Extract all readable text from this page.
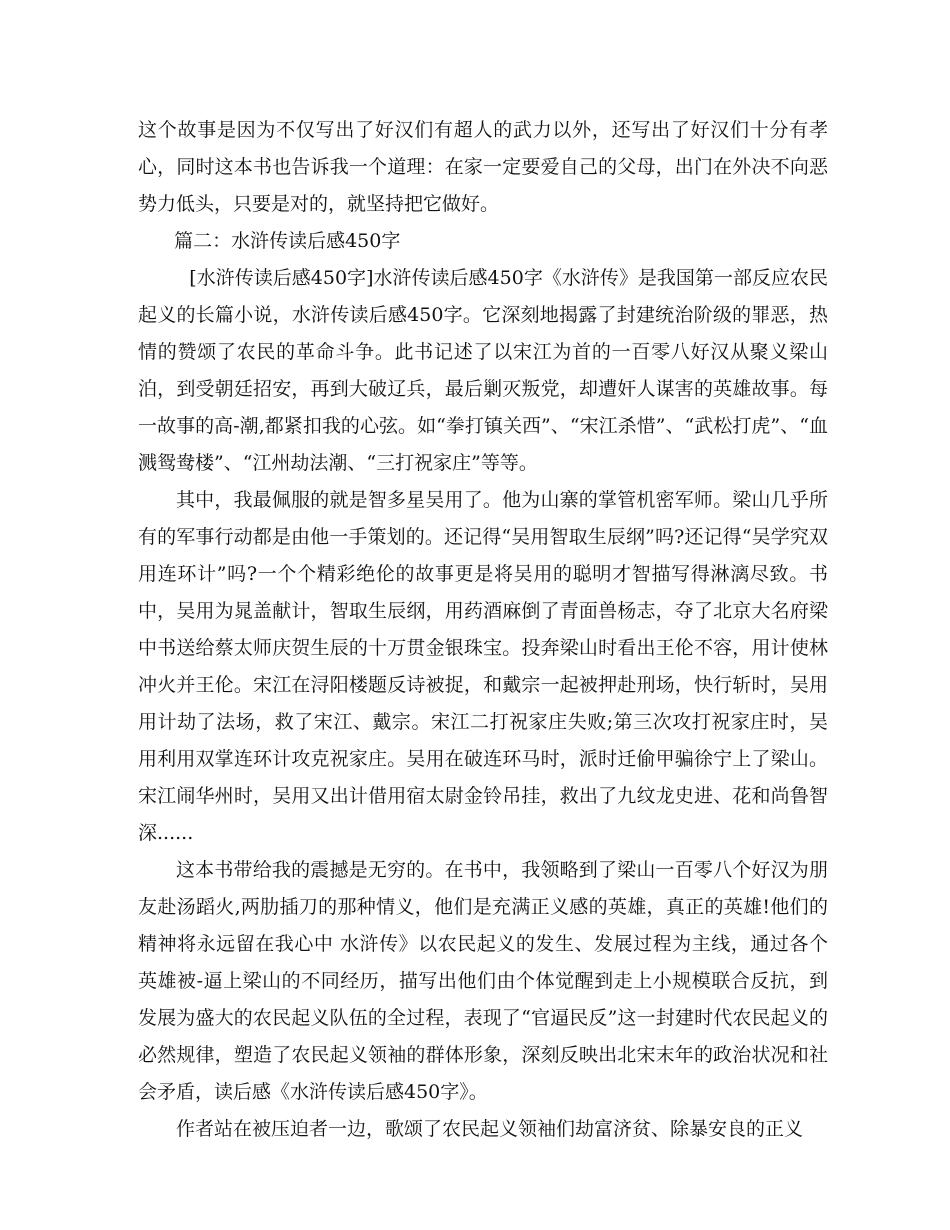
这个故事是因为不仅写出了好汉们有超人的武力以外，还写出了好汉们十分有孝心，同时这本书也告诉我一个道理：在家一定要爱自己的父母，出门在外决不向恶势力低头，只要是对的，就坚持把它做好。

篇二：水浒传读后感450字

[水浒传读后感450字]水浒传读后感450字《水浒传》是我国第一部反应农民起义的长篇小说，水浒传读后感450字。它深刻地揭露了封建统治阶级的罪恶，热情的赞颂了农民的革命斗争。此书记述了以宋江为首的一百零八好汉从聚义梁山泊，到受朝廷招安，再到大破辽兵，最后剿灭叛党，却遭奸人谋害的英雄故事。每一故事的高-潮,都紧扣我的心弦。如“拳打镇关西”、“宋江杀惜”、“武松打虎”、“血溅鸳鸯楼”、“江州劫法潮、“三打祝家庄”等等。

其中，我最佩服的就是智多星吴用了。他为山寨的掌管机密军师。梁山几乎所有的军事行动都是由他一手策划的。还记得“吴用智取生辰纲”吗?还记得“吴学究双用连环计”吗?一个个精彩绝伦的故事更是将吴用的聪明才智描写得淋漓尽致。书中，吴用为晁盖献计，智取生辰纲，用药酒麻倒了青面兽杨志，夺了北京大名府梁中书送给蔡太师庆贺生辰的十万贯金银珠宝。投奔梁山时看出王伦不容，用计使林冲火并王伦。宋江在浔阳楼题反诗被捉，和戴宗一起被押赴刑场，快行斩时，吴用用计劫了法场，救了宋江、戴宗。宋江二打祝家庄失败;第三次攻打祝家庄时，吴用利用双掌连环计攻克祝家庄。吴用在破连环马时，派时迁偷甲骗徐宁上了梁山。宋江闹华州时，吴用又出计借用宿太尉金铃吊挂，救出了九纹龙史进、花和尚鲁智深......

这本书带给我的震撼是无穷的。在书中，我领略到了梁山一百零八个好汉为朋友赴汤蹈火,两肋插刀的那种情义，他们是充满正义感的英雄，真正的英雄!他们的精神将永远留在我心中 水浒传》以农民起义的发生、发展过程为主线，通过各个英雄被-逼上梁山的不同经历，描写出他们由个体觉醒到走上小规模联合反抗，到发展为盛大的农民起义队伍的全过程，表现了“官逼民反”这一封建时代农民起义的必然规律，塑造了农民起义领袖的群体形象，深刻反映出北宋末年的政治状况和社会矛盾，读后感《水浒传读后感450字》。

作者站在被压迫者一边，歌颂了农民起义领袖们劫富济贫、除暴安良的正义
